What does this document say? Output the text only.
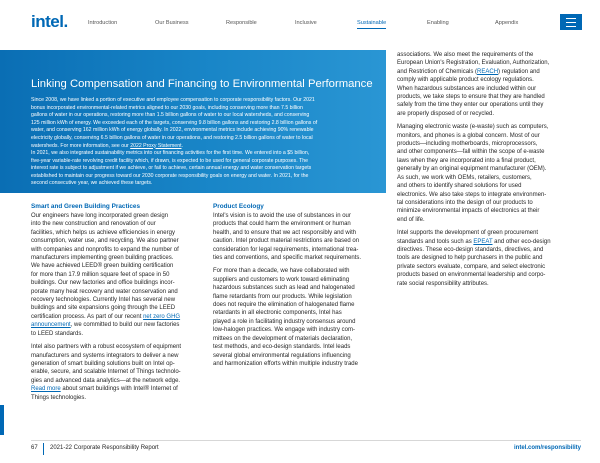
intel.	Introduction	Our Business	Responsible	Inclusive	Sustainable	Enabling	Appendix
Linking Compensation and Financing to Environmental Performance
Since 2008, we have linked a portion of executive and employee compensation to corporate responsibility factors. Our 2021
bonus incorporated environmental-related metrics aligned to our 2030 goals, including conserving more than 7.5 billion
gallons of water in our operations, restoring more than 1.5 billion gallons of water to our local watersheds, and conserving
125 million kWh of energy. We exceeded each of the targets, conserving 9.8 billion gallons and restoring 2.8 billion gallons of
water, and conserving 162 million kWh of energy globally. In 2022, environmental metrics include achieving 90% renewable
electricity globally, conserving 6.5 billion gallons of water in our operations, and restoring 2.5 billion gallons of water to local
watersheds. For more information, see our 2022 Proxy Statement.
In 2021, we also integrated sustainability metrics into our financing activities for the first time. We entered into a $5 billion,
five-year variable-rate revolving credit facility which, if drawn, is expected to be used for general corporate purposes. The
interest rate is subject to adjustment if we achieve, or fail to achieve, certain annual energy and water conservation targets
established to maintain our progress toward our 2030 corporate responsibility goals on energy and water. In 2021, for the
second consecutive year, we achieved these targets.
Smart and Green Building Practices
Our engineers have long incorporated green design
into the new construction and renovation of our
facilities, which helps us achieve efficiencies in energy
consumption, water use, and recycling. We also partner
with companies and nonprofits to expand the number of
manufacturers implementing green building practices.
We have achieved LEED® green building certification
for more than 17.9 million square feet of space in 50
buildings. Our new factories and office buildings incor-
porate many heat recovery and water conservation and
recovery technologies. Currently Intel has several new
buildings and site expansions going through the LEED
certification process. As part of our recent net zero GHG
announcement, we committed to build our new factories
to LEED standards.
Intel also partners with a robust ecosystem of equipment
manufacturers and systems integrators to deliver a new
generation of smart building solutions built on Intel op-
erable, secure, and scalable Internet of Things technolo-
gies and advanced data analytics—at the network edge.
Read more about smart buildings with Intel® Internet of
Things technologies.
Product Ecology
Intel's vision is to avoid the use of substances in our
products that could harm the environment or human
health, and to ensure that we act responsibly and with
caution. Intel product material restrictions are based on
consideration for legal requirements, international trea-
ties and conventions, and specific market requirements.
For more than a decade, we have collaborated with
suppliers and customers to work toward eliminating
hazardous substances such as lead and halogenated
flame retardants from our products. While legislation
does not require the elimination of halogenated flame
retardants in all electronic components, Intel has
played a role in facilitating industry consensus around
low-halogen practices. We engage with industry com-
mittees on the development of materials declaration,
test methods, and eco-design standards. Intel leads
several global environmental regulations influencing
and harmonization efforts within multiple industry trade
associations. We also meet the requirements of the
European Union's Registration, Evaluation, Authorization,
and Restriction of Chemicals (REACH) regulation and
comply with applicable product ecology regulations.
When hazardous substances are included within our
products, we take steps to ensure that they are handled
safely from the time they enter our operations until they
are properly disposed of or recycled.
Managing electronic waste (e-waste) such as computers,
monitors, and phones is a global concern. Most of our
products—including motherboards, microprocessors,
and other components—fall within the scope of e-waste
laws when they are incorporated into a final product,
generally by an original equipment manufacturer (OEM).
As such, we work with OEMs, retailers, customers,
and others to identify shared solutions for used
electronics. We also take steps to integrate environmen-
tal considerations into the design of our products to
minimize environmental impacts of electronics at their
end of life.
Intel supports the development of green procurement
standards and tools such as EPEAT and other eco-design
directives. These eco-design standards, directives, and
tools are designed to help purchasers in the public and
private sectors evaluate, compare, and select electronic
products based on environmental leadership and corpo-
rate social responsibility attributes.
67 2021-22 Corporate Responsibility Report	intel.com/responsibility
